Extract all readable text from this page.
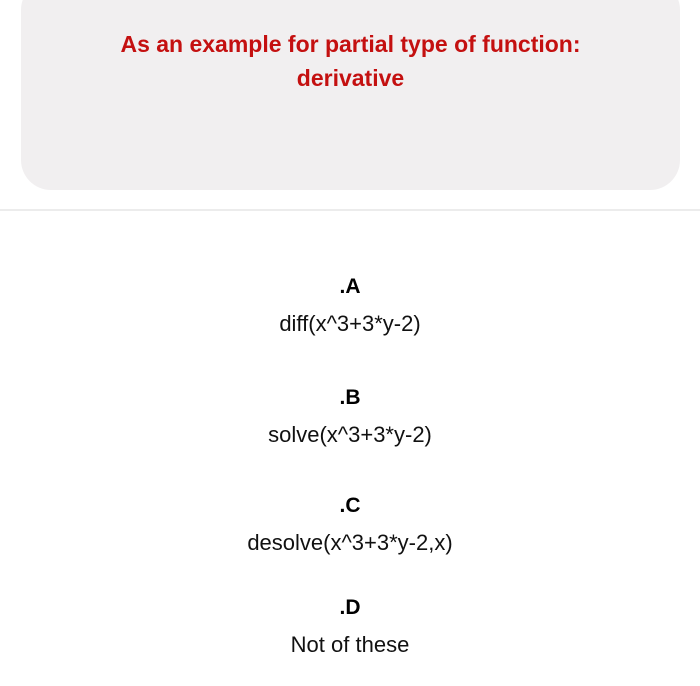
As an example for partial type of function:
derivative
.A
diff(x^3+3*y-2)
.B
solve(x^3+3*y-2)
.C
desolve(x^3+3*y-2,x)
.D
Not of these
